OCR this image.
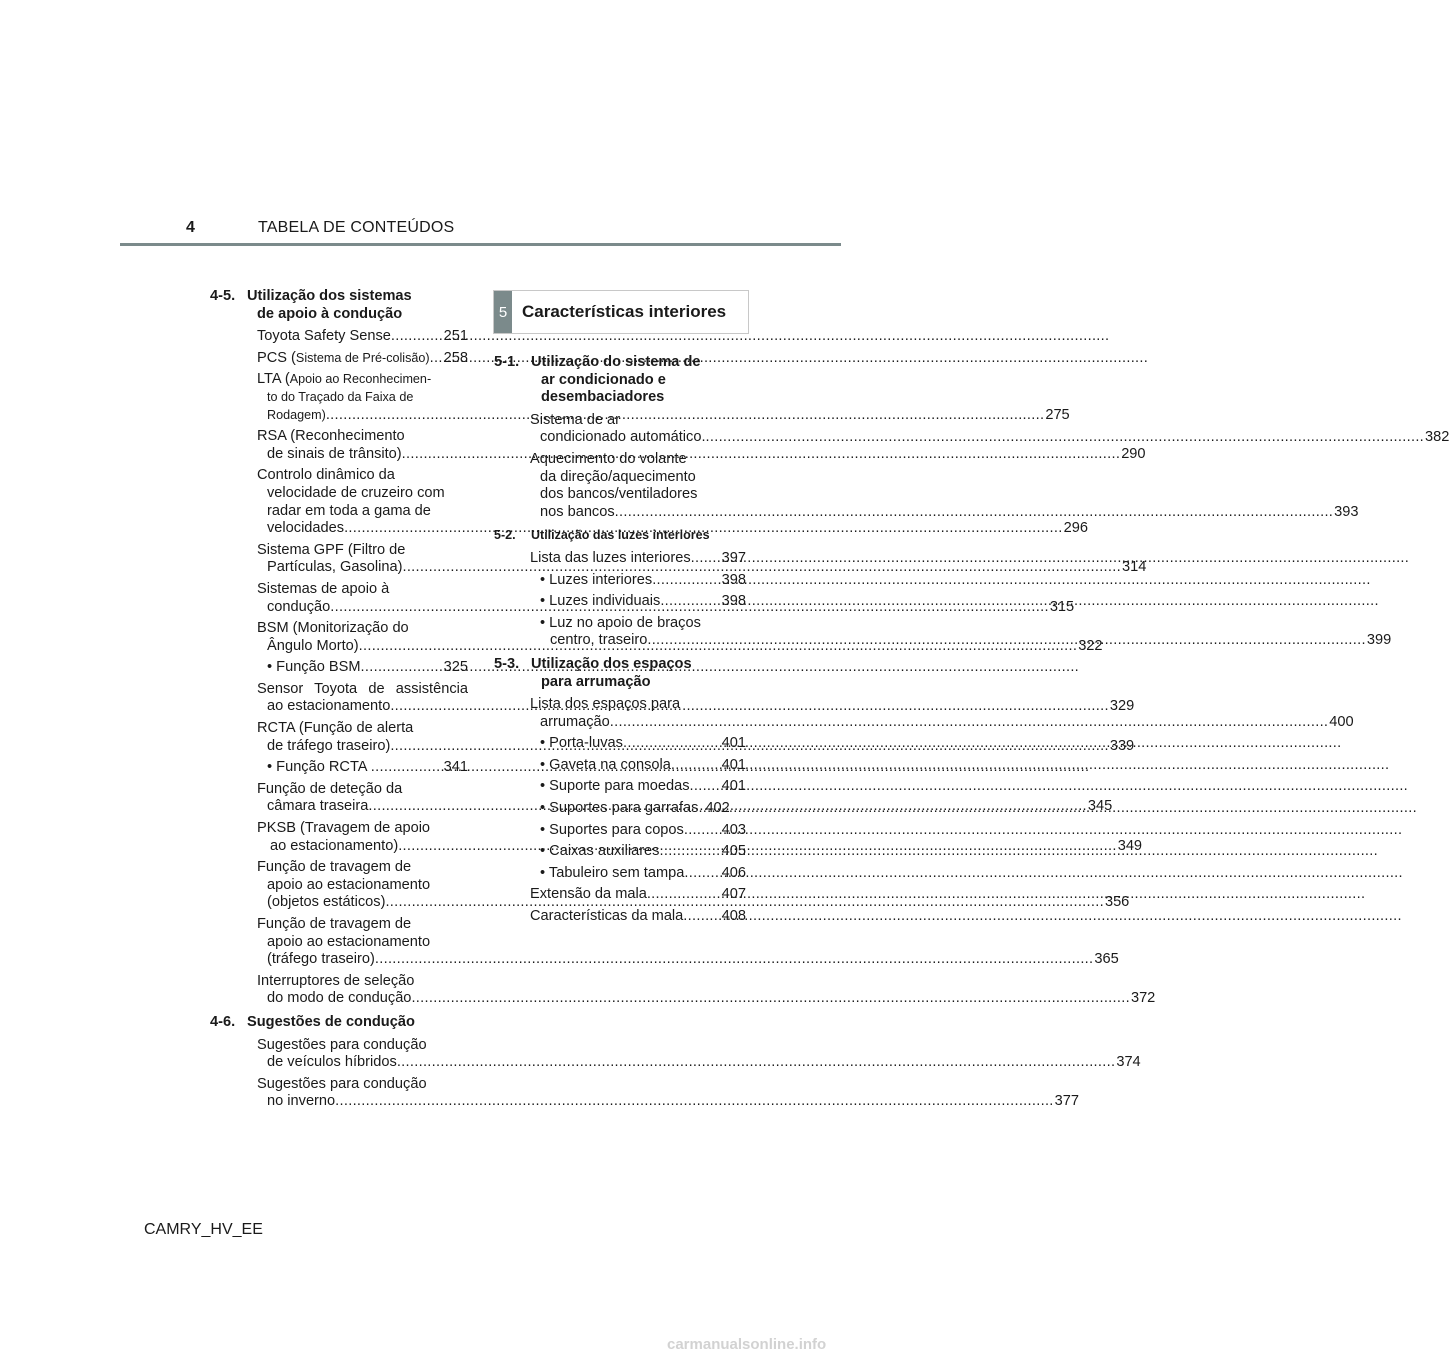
4	TABELA DE CONTEÚDOS
4-5. Utilização dos sistemas
de apoio à condução
Toyota Safety Sense .....	251
PCS (Sistema de Pré-colisão) ..... 258
LTA (Apoio ao Reconhecimen-
to do Traçado da Faixa de
Rodagem) .....	275
RSA (Reconhecimento
de sinais de trânsito) .....	290
Controlo dinâmico da
velocidade de cruzeiro com
radar em toda a gama de
velocidades .....	296
Sistema GPF (Filtro de
Partículas, Gasolina) .....	314
Sistemas de apoio à
condução .....	315
BSM (Monitorização do
Ângulo Morto) .....	322
• Função BSM .....	325
Sensor Toyota de assistência
ao estacionamento .....	329
RCTA (Função de alerta
de tráfego traseiro) .....	339
• Função RCTA .....	341
Função de deteção da
câmara traseira .....	345
PKSB (Travagem de apoio
ao estacionamento) .....	349
Função de travagem de
apoio ao estacionamento
(objetos estáticos) .....	356
Função de travagem de
apoio ao estacionamento
(tráfego traseiro) .....	365
Interruptores de seleção
do modo de condução .....	372
4-6. Sugestões de condução
Sugestões para condução
de veículos híbridos .....	374
Sugestões para condução
no inverno .....	377
5 Características interiores
5-1. Utilização do sistema de
ar condicionado e
desembaciadores
Sistema de ar
condicionado automático. .....	382
Aquecimento do volante
da direção/aquecimento
dos bancos/ventiladores
nos bancos .....	393
5-2. Utilização das luzes interiores
Lista das luzes interiores ..... 397
• Luzes interiores .....	398
• Luzes individuais .....	398
• Luz no apoio de braços
centro, traseiro .....	399
5-3. Utilização dos espaços
para arrumação
Lista dos espaços para
arrumação .....	400
• Porta-luvas .....	401
• Gaveta na consola .....	401
• Suporte para moedas ..... 401
• Suportes para garrafas ..... 402
• Suportes para copos .....	403
• Caixas auxiliares .....	405
• Tabuleiro sem tampa .....	406
Extensão da mala .....	407
Características da mala .....	408
CAMRY_HV_EE
carmanualsonline.info
